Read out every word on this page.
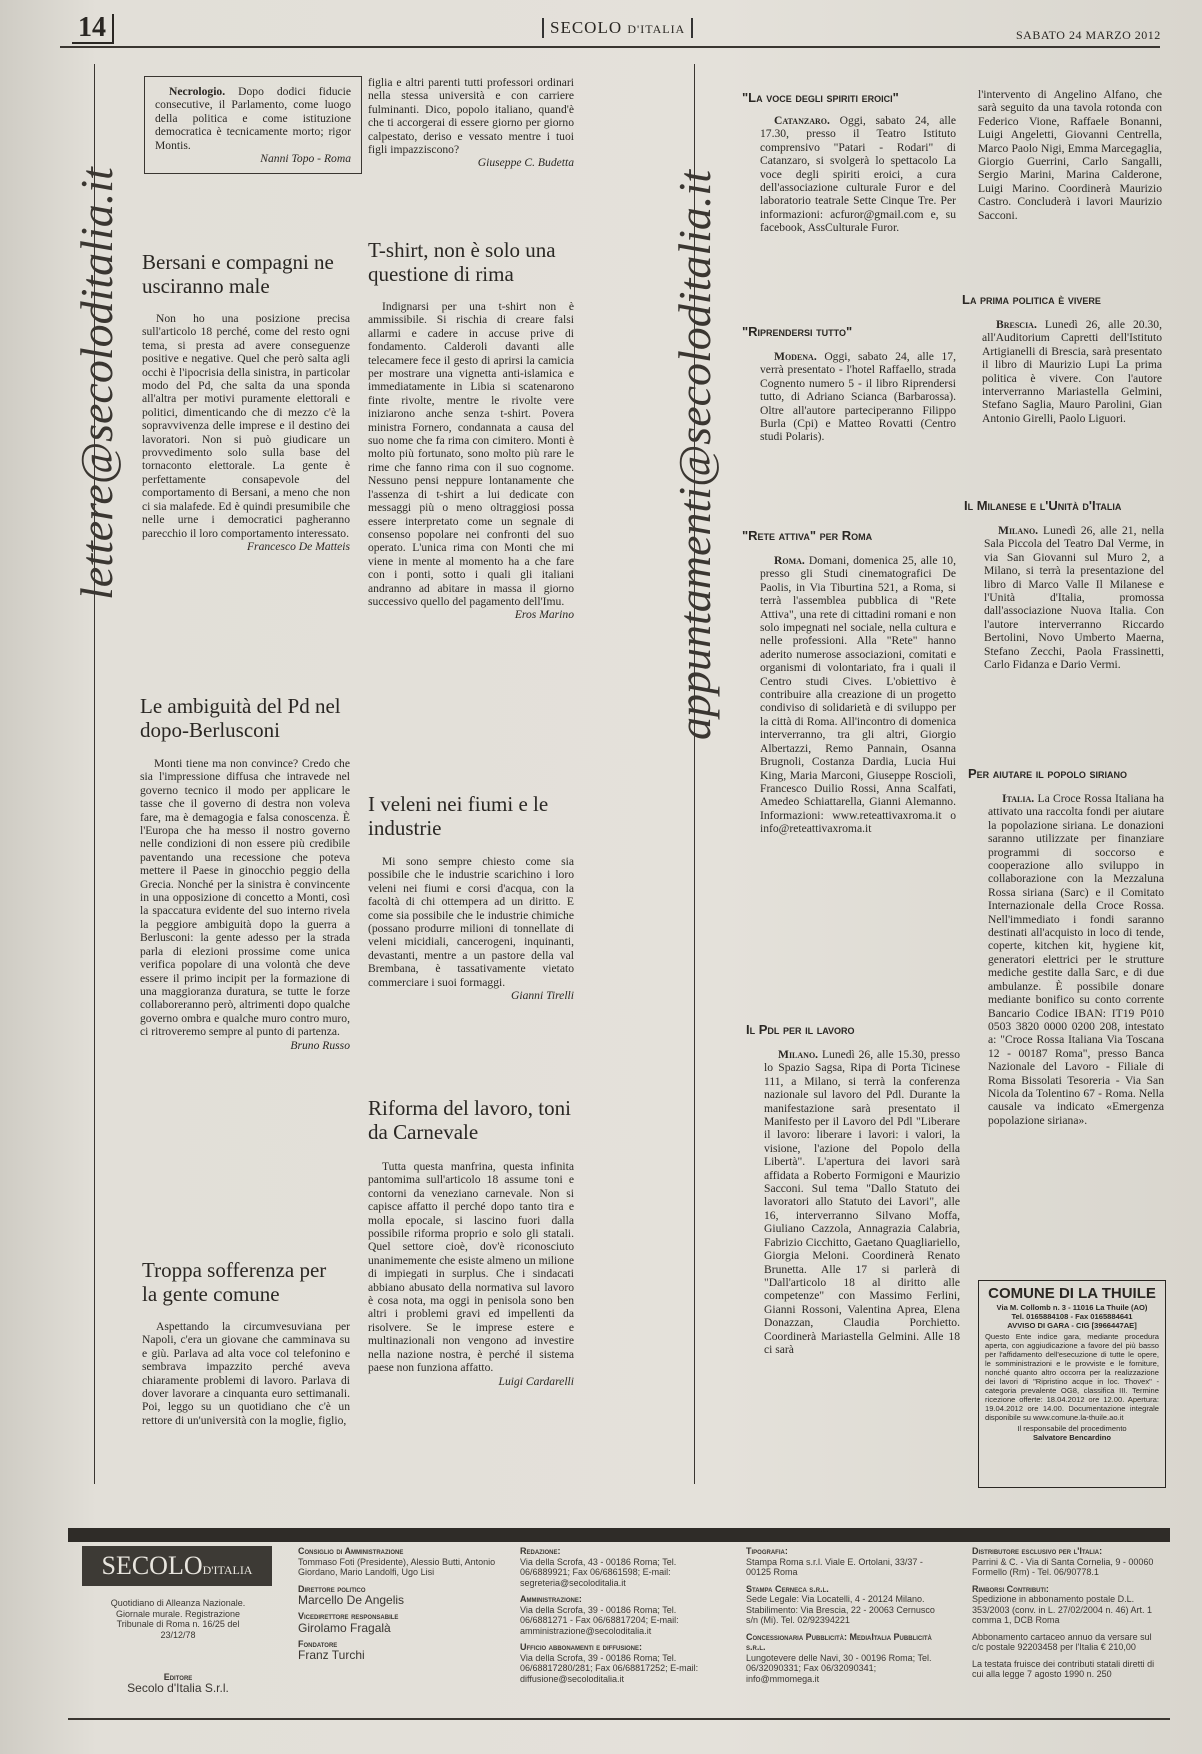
14	SECOLO D'ITALIA	SABATO 24 MARZO 2012
lettere@secoloditalia.it

Necrologio. Dopo dodici fiducie consecutive, il Parlamento, come luogo della politica e come istituzione democratica è tecnicamente morto; rigor Montis.

Nanni Topo - Roma
Bersani e compagni ne usciranno male

Non ho una posizione precisa sull'articolo 18 perché, come del resto ogni tema, si presta ad avere conseguenze positive e negative. Quel che però salta agli occhi è l'ipocrisia della sinistra, in particolar modo del Pd, che salta da una sponda all'altra per motivi puramente elettorali e politici, dimenticando che di mezzo c'è la sopravvivenza delle imprese e il destino dei lavoratori. Non si può giudicare un provvedimento solo sulla base del tornaconto elettorale. La gente è perfettamente consapevole del comportamento di Bersani, a meno che non ci sia malafede. Ed è quindi presumibile che nelle urne i democratici pagheranno parecchio il loro comportamento interessato.

Francesco De Matteis
Le ambiguità del Pd nel dopo-Berlusconi

Monti tiene ma non convince? Credo che sia l'impressione diffusa che intravede nel governo tecnico il modo per applicare le tasse che il governo di destra non voleva fare, ma è demagogia e falsa conoscenza. È l'Europa che ha messo il nostro governo nelle condizioni di non essere più credibile paventando una recessione che poteva mettere il Paese in ginocchio peggio della Grecia. Nonché per la sinistra è convincente in una opposizione di concetto a Monti, così la spaccatura evidente del suo interno rivela la peggiore ambiguità dopo la guerra a Berlusconi: la gente adesso per la strada parla di elezioni prossime come unica verifica popolare di una volontà che deve essere il primo incipit per la formazione di una maggioranza duratura, se tutte le forze collaboreranno però, altrimenti dopo qualche governo ombra e qualche muro contro muro, ci ritroveremo sempre al punto di partenza.

Bruno Russo
Troppa sofferenza per la gente comune

Aspettando la circumvesuviana per Napoli, c'era un giovane che camminava su e giù. Parlava ad alta voce col telefonino e sembrava impazzito perché aveva chiaramente problemi di lavoro. Parlava di dover lavorare a cinquanta euro settimanali. Poi, leggo su un quotidiano che c'è un rettore di un'università con la moglie, figlio,

figlia e altri parenti tutti professori ordinari nella stessa università e con carriere fulminanti. Dico, popolo italiano, quand'è che ti accorgerai di essere giorno per giorno calpestato, deriso e vessato mentre i tuoi figli impazziscono?

Giuseppe C. Budetta
T-shirt, non è solo una questione di rima

Indignarsi per una t-shirt non è ammissibile. Si rischia di creare falsi allarmi e cadere in accuse prive di fondamento. Calderoli davanti alle telecamere fece il gesto di aprirsi la camicia per mostrare una vignetta anti-islamica e immediatamente in Libia si scatenarono finte rivolte, mentre le rivolte vere iniziarono anche senza t-shirt. Povera ministra Fornero, condannata a causa del suo nome che fa rima con cimitero. Monti è molto più fortunato, sono molto più rare le rime che fanno rima con il suo cognome. Nessuno pensi neppure lontanamente che l'assenza di t-shirt a lui dedicate con messaggi più o meno oltraggiosi possa essere interpretato come un segnale di consenso popolare nei confronti del suo operato. L'unica rima con Monti che mi viene in mente al momento ha a che fare con i ponti, sotto i quali gli italiani andranno ad abitare in massa il giorno successivo quello del pagamento dell'Imu.

Eros Marino
I veleni nei fiumi e le industrie

Mi sono sempre chiesto come sia possibile che le industrie scarichino i loro veleni nei fiumi e corsi d'acqua, con la facoltà di chi ottempera ad un diritto. E come sia possibile che le industrie chimiche (possano produrre milioni di tonnellate di veleni micidiali, cancerogeni, inquinanti, devastanti, mentre a un pastore della val Brembana, è tassativamente vietato commerciare i suoi formaggi.

Gianni Tirelli
Riforma del lavoro, toni da Carnevale

Tutta questa manfrina, questa infinita pantomima sull'articolo 18 assume toni e contorni da veneziano carnevale. Non si capisce affatto il perché dopo tanto tira e molla epocale, si lascino fuori dalla possibile riforma proprio e solo gli statali. Quel settore cioè, dov'è riconosciuto unanimemente che esiste almeno un milione di impiegati in surplus. Che i sindacati abbiano abusato della normativa sul lavoro è cosa nota, ma oggi in penisola sono ben altri i problemi gravi ed impellenti da risolvere. Se le imprese estere e multinazionali non vengono ad investire nella nazione nostra, è perché il sistema paese non funziona affatto.

Luigi Cardarelli
appuntamenti@secoloditalia.it
"La voce degli spiriti eroici"

Catanzaro. Oggi, sabato 24, alle 17.30, presso il Teatro Istituto comprensivo "Patari - Rodari" di Catanzaro, si svolgerà lo spettacolo La voce degli spiriti eroici, a cura dell'associazione culturale Furor e del laboratorio teatrale Sette Cinque Tre. Per informazioni: acfuror@gmail.com e, su facebook, AssCulturale Furor.

"Riprendersi tutto"

Modena. Oggi, sabato 24, alle 17, verrà presentato - l'hotel Raffaello, strada Cognento numero 5 - il libro Riprendersi tutto, di Adriano Scianca (Barbarossa). Oltre all'autore parteciperanno Filippo Burla (Cpi) e Matteo Rovatti (Centro studi Polaris).

"Rete attiva" per Roma

Roma. Domani, domenica 25, alle 10, presso gli Studi cinematografici De Paolis, in Via Tiburtina 521, a Roma, si terrà l'assemblea pubblica di "Rete Attiva", una rete di cittadini romani e non solo impegnati nel sociale, nella cultura e nelle professioni. Alla "Rete" hanno aderito numerose associazioni, comitati e organismi di volontariato, fra i quali il Centro studi Cives. L'obiettivo è contribuire alla creazione di un progetto condiviso di solidarietà e di sviluppo per la città di Roma. All'incontro di domenica interverranno, tra gli altri, Giorgio Albertazzi, Remo Pannain, Osanna Brugnoli, Costanza Dardia, Lucia Hui King, Maria Marconi, Giuseppe Rosciolì, Francesco Duilio Rossi, Anna Scalfati, Amedeo Schiattarella, Gianni Alemanno. Informazioni: www.reteattivaxroma.it o info@reteattivaxroma.it

Il Pdl per il lavoro

Milano. Lunedì 26, alle 15.30, presso lo Spazio Sagsa, Ripa di Porta Ticinese 111, a Milano, si terrà la conferenza nazionale sul lavoro del Pdl. Durante la manifestazione sarà presentato il Manifesto per il Lavoro del Pdl "Liberare il lavoro: liberare i lavori: i valori, la visione, l'azione del Popolo della Libertà". L'apertura dei lavori sarà affidata a Roberto Formigoni e Maurizio Sacconi. Sul tema "Dallo Statuto dei lavoratori allo Statuto dei Lavori", alle 16, interverranno Silvano Moffa, Giuliano Cazzola, Annagrazia Calabria, Fabrizio Cicchitto, Gaetano Quagliariello, Giorgia Meloni. Coordinerà Renato Brunetta. Alle 17 si parlerà di "Dall'articolo 18 al diritto alle competenze" con Massimo Ferlini, Gianni Rossoni, Valentina Aprea, Elena Donazzan, Claudia Porchietto. Coordinerà Mariastella Gelmini. Alle 18 ci sarà

l'intervento di Angelino Alfano, che sarà seguito da una tavola rotonda con Federico Vione, Raffaele Bonanni, Luigi Angeletti, Giovanni Centrella, Marco Paolo Nigi, Emma Marcegaglia, Giorgio Guerrini, Carlo Sangalli, Sergio Marini, Marina Calderone, Luigi Marino. Coordinerà Maurizio Castro. Concluderà i lavori Maurizio Sacconi.

La prima politica è vivere

Brescia. Lunedì 26, alle 20.30, all'Auditorium Capretti dell'Istituto Artigianelli di Brescia, sarà presentato il libro di Maurizio Lupi La prima politica è vivere. Con l'autore interverranno Mariastella Gelmini, Stefano Saglia, Mauro Parolini, Gian Antonio Girelli, Paolo Liguori.

Il Milanese e l'Unità d'Italia

Milano. Lunedì 26, alle 21, nella Sala Piccola del Teatro Dal Verme, in via San Giovanni sul Muro 2, a Milano, si terrà la presentazione del libro di Marco Valle Il Milanese e l'Unità d'Italia, promossa dall'associazione Nuova Italia. Con l'autore interverranno Riccardo Bertolini, Novo Umberto Maerna, Stefano Zecchi, Paola Frassinetti, Carlo Fidanza e Dario Vermi.

Per aiutare il popolo siriano

Italia. La Croce Rossa Italiana ha attivato una raccolta fondi per aiutare la popolazione siriana. Le donazioni saranno utilizzate per finanziare programmi di soccorso e cooperazione allo sviluppo in collaborazione con la Mezzaluna Rossa siriana (Sarc) e il Comitato Internazionale della Croce Rossa. Nell'immediato i fondi saranno destinati all'acquisto in loco di tende, coperte, kitchen kit, hygiene kit, generatori elettrici per le strutture mediche gestite dalla Sarc, e di due ambulanze. È possibile donare mediante bonifico su conto corrente Bancario Codice IBAN: IT19 P010 0503 3820 0000 0200 208, intestato a: "Croce Rossa Italiana Via Toscana 12 - 00187 Roma", presso Banca Nazionale del Lavoro - Filiale di Roma Bissolati Tesoreria - Via San Nicola da Tolentino 67 - Roma. Nella causale va indicato «Emergenza popolazione siriana».

COMUNE DI LA THUILE
Via M. Collomb n. 3 - 11016 La Thuile (AO)
Tel. 0165884108 - Fax 0165884641
AVVISO DI GARA - CIG [3966447AE]
Questo Ente indice gara, mediante procedura aperta, con aggiudicazione a favore del più basso per l'affidamento dell'esecuzione di tutte le opere, le somministrazioni e le provviste e le forniture, nonché quanto altro occorra per la realizzazione dei lavori di "Ripristino acque in loc. Thovex" - categoria prevalente OG8, classifica III. Termine ricezione offerte: 18.04.2012 ore 12.00. Apertura: 19.04.2012 ore 14.00. Documentazione integrale disponibile su www.comune.la-thuile.ao.it
Il responsabile del procedimento
Salvatore Bencardino
SECOLOD'ITALIA
Quotidiano di Alleanza Nazionale. Giornale murale. Registrazione Tribunale di Roma n. 16/25 del 23/12/78
Editore
Secolo d'Italia S.r.l.
Consiglio di Amministrazione
Tommaso Foti (Presidente), Alessio Butti, Antonio Giordano, Mario Landolfi, Ugo Lisi
Direttore politico
Marcello De Angelis
Vicedirettore responsabile
Girolamo Fragalà
Fondatore
Franz Turchi
Redazione:
Via della Scrofa, 43 - 00186 Roma; Tel. 06/6889921; Fax 06/6861598; E-mail: segreteria@secoloditalia.it
Amministrazione:
Via della Scrofa, 39 - 00186 Roma; Tel. 06/6881271 - Fax 06/68817204; E-mail: amministrazione@secoloditalia.it
Ufficio abbonamenti e diffusione:
Via della Scrofa, 39 - 00186 Roma; Tel. 06/68817280/281; Fax 06/68817252; E-mail: diffusione@secoloditalia.it
Tipografia:
Stampa Roma s.r.l. Viale E. Ortolani, 33/37 - 00125 Roma
Stampa Cerneca s.r.l.
Sede Legale: Via Locatelli, 4 - 20124 Milano. Stabilimento: Via Brescia, 22 - 20063 Cernusco s/n (Mi). Tel. 02/92394221
Concessionaria Pubblicità: MediaItalia Pubblicità s.r.l.
Lungotevere delle Navi, 30 - 00196 Roma; Tel. 06/32090331; Fax 06/32090341; info@mmomega.it
Distributore esclusivo per l'Italia:
Parrini & C. - Via di Santa Cornelia, 9 - 00060 Formello (Rm) - Tel. 06/90778.1
Rimborsi Contributi:
Spedizione in abbonamento postale D.L. 353/2003 (conv. in L. 27/02/2004 n. 46) Art. 1 comma 1, DCB Roma
Abbonamento cartaceo annuo da versare sul c/c postale 92203458 per l'Italia € 210,00
La testata fruisce dei contributi statali diretti di cui alla legge 7 agosto 1990 n. 250
